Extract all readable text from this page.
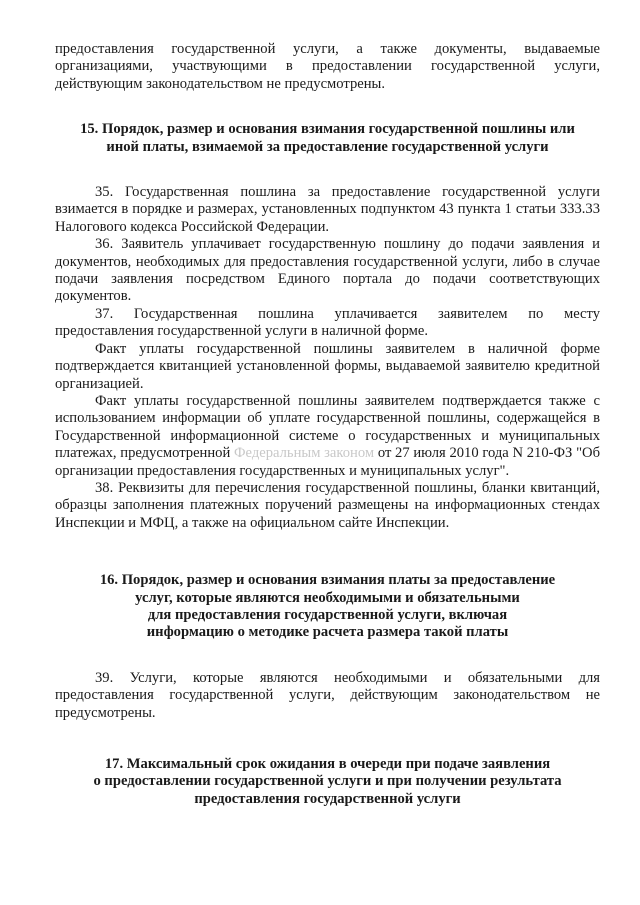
предоставления государственной услуги, а также документы, выдаваемые организациями, участвующими в предоставлении государственной услуги, действующим законодательством не предусмотрены.

15. Порядок, размер и основания взимания государственной пошлины или
иной платы, взимаемой за предоставление государственной услуги

35. Государственная пошлина за предоставление государственной услуги взимается в порядке и размерах, установленных подпунктом 43 пункта 1 статьи 333.33 Налогового кодекса Российской Федерации.

36. Заявитель уплачивает государственную пошлину до подачи заявления и документов, необходимых для предоставления государственной услуги, либо в случае подачи заявления посредством Единого портала до подачи соответствующих документов.

37. Государственная пошлина уплачивается заявителем по месту предоставления государственной услуги в наличной форме.

Факт уплаты государственной пошлины заявителем в наличной форме подтверждается квитанцией установленной формы, выдаваемой заявителю кредитной организацией.

Факт уплаты государственной пошлины заявителем подтверждается также с использованием информации об уплате государственной пошлины, содержащейся в Государственной информационной системе о государственных и муниципальных платежах, предусмотренной Федеральным законом от 27 июля 2010 года N 210-ФЗ "Об организации предоставления государственных и муниципальных услуг".

38. Реквизиты для перечисления государственной пошлины, бланки квитанций, образцы заполнения платежных поручений размещены на информационных стендах Инспекции и МФЦ, а также на официальном сайте Инспекции.

16. Порядок, размер и основания взимания платы за предоставление
услуг, которые являются необходимыми и обязательными
для предоставления государственной услуги, включая
информацию о методике расчета размера такой платы

39. Услуги, которые являются необходимыми и обязательными для предоставления государственной услуги, действующим законодательством не предусмотрены.

17. Максимальный срок ожидания в очереди при подаче заявления
о предоставлении государственной услуги и при получении результата
предоставления государственной услуги
